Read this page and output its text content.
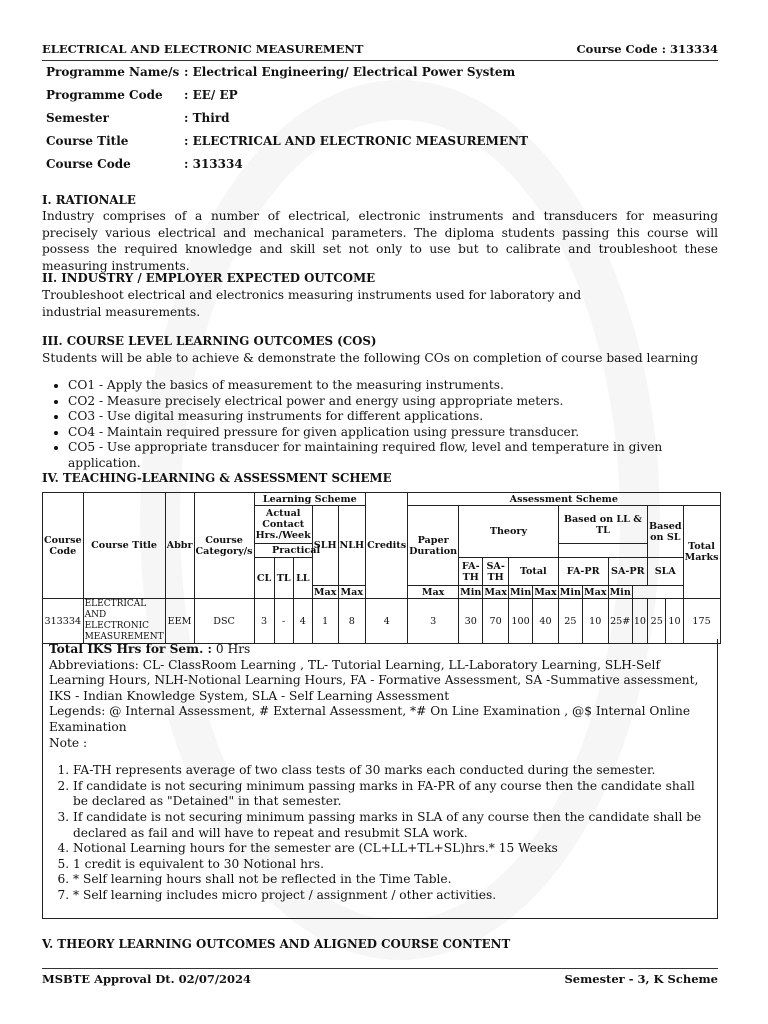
ELECTRICAL AND ELECTRONIC MEASUREMENT	Course Code : 313334
Programme Name/s : Electrical Engineering/ Electrical Power System
Programme Code	: EE/ EP
Semester	: Third
Course Title	: ELECTRICAL AND ELECTRONIC MEASUREMENT
Course Code	: 313334
I. RATIONALE
Industry comprises of a number of electrical, electronic instruments and transducers for measuring precisely various electrical and mechanical parameters. The diploma students passing this course will possess the required knowledge and skill set not only to use but to calibrate and troubleshoot these measuring instruments.
II. INDUSTRY / EMPLOYER EXPECTED OUTCOME
Troubleshoot electrical and electronics measuring instruments used for laboratory and industrial measurements.
III. COURSE LEVEL LEARNING OUTCOMES (COS)
Students will be able to achieve & demonstrate the following COs on completion of course based learning
• CO1 - Apply the basics of measurement to the measuring instruments.
• CO2 - Measure precisely electrical power and energy using appropriate meters.
• CO3 - Use digital measuring instruments for different applications.
• CO4 - Maintain required pressure for given application using pressure transducer.
• CO5 - Use appropriate transducer for maintaining required flow, level and temperature in given application.
IV. TEACHING-LEARNING & ASSESSMENT SCHEME
Course Code	Course Title	Abbr	Course Category/s	Learning Scheme					Credits	Assessment Scheme											
				Actual Contact Hrs./Week			SLH	NLH		Paper Duration	Theory				Based on LL & TL				Based on SL		Total Marks
				Practical																	
				CL	TL	LL					FA-TH	SA-TH	Total		FA-PR		SA-PR		SLA		
							Max	Max		Max	Min	Max	Min	Max	Min	Max	Min				
313334	ELECTRICAL AND ELECTRONIC MEASUREMENT	EEM	DSC	3	-	4	1	8	4	3	30	70	100	40	25	10	25#	10	25	10	175
Total IKS Hrs for Sem. : 0 Hrs
Abbreviations: CL- ClassRoom Learning , TL- Tutorial Learning, LL-Laboratory Learning, SLH-Self Learning Hours, NLH-Notional Learning Hours, FA - Formative Assessment, SA -Summative assessment, IKS - Indian Knowledge System, SLA - Self Learning Assessment
Legends: @ Internal Assessment, # External Assessment, *# On Line Examination , @$ Internal Online Examination
Note :
1. FA-TH represents average of two class tests of 30 marks each conducted during the semester.
2. If candidate is not securing minimum passing marks in FA-PR of any course then the candidate shall be declared as "Detained" in that semester.
3. If candidate is not securing minimum passing marks in SLA of any course then the candidate shall be declared as fail and will have to repeat and resubmit SLA work.
4. Notional Learning hours for the semester are (CL+LL+TL+SL)hrs.* 15 Weeks
5. 1 credit is equivalent to 30 Notional hrs.
6. * Self learning hours shall not be reflected in the Time Table.
7. * Self learning includes micro project / assignment / other activities.
V. THEORY LEARNING OUTCOMES AND ALIGNED COURSE CONTENT
MSBTE Approval Dt. 02/07/2024	Semester - 3, K Scheme
